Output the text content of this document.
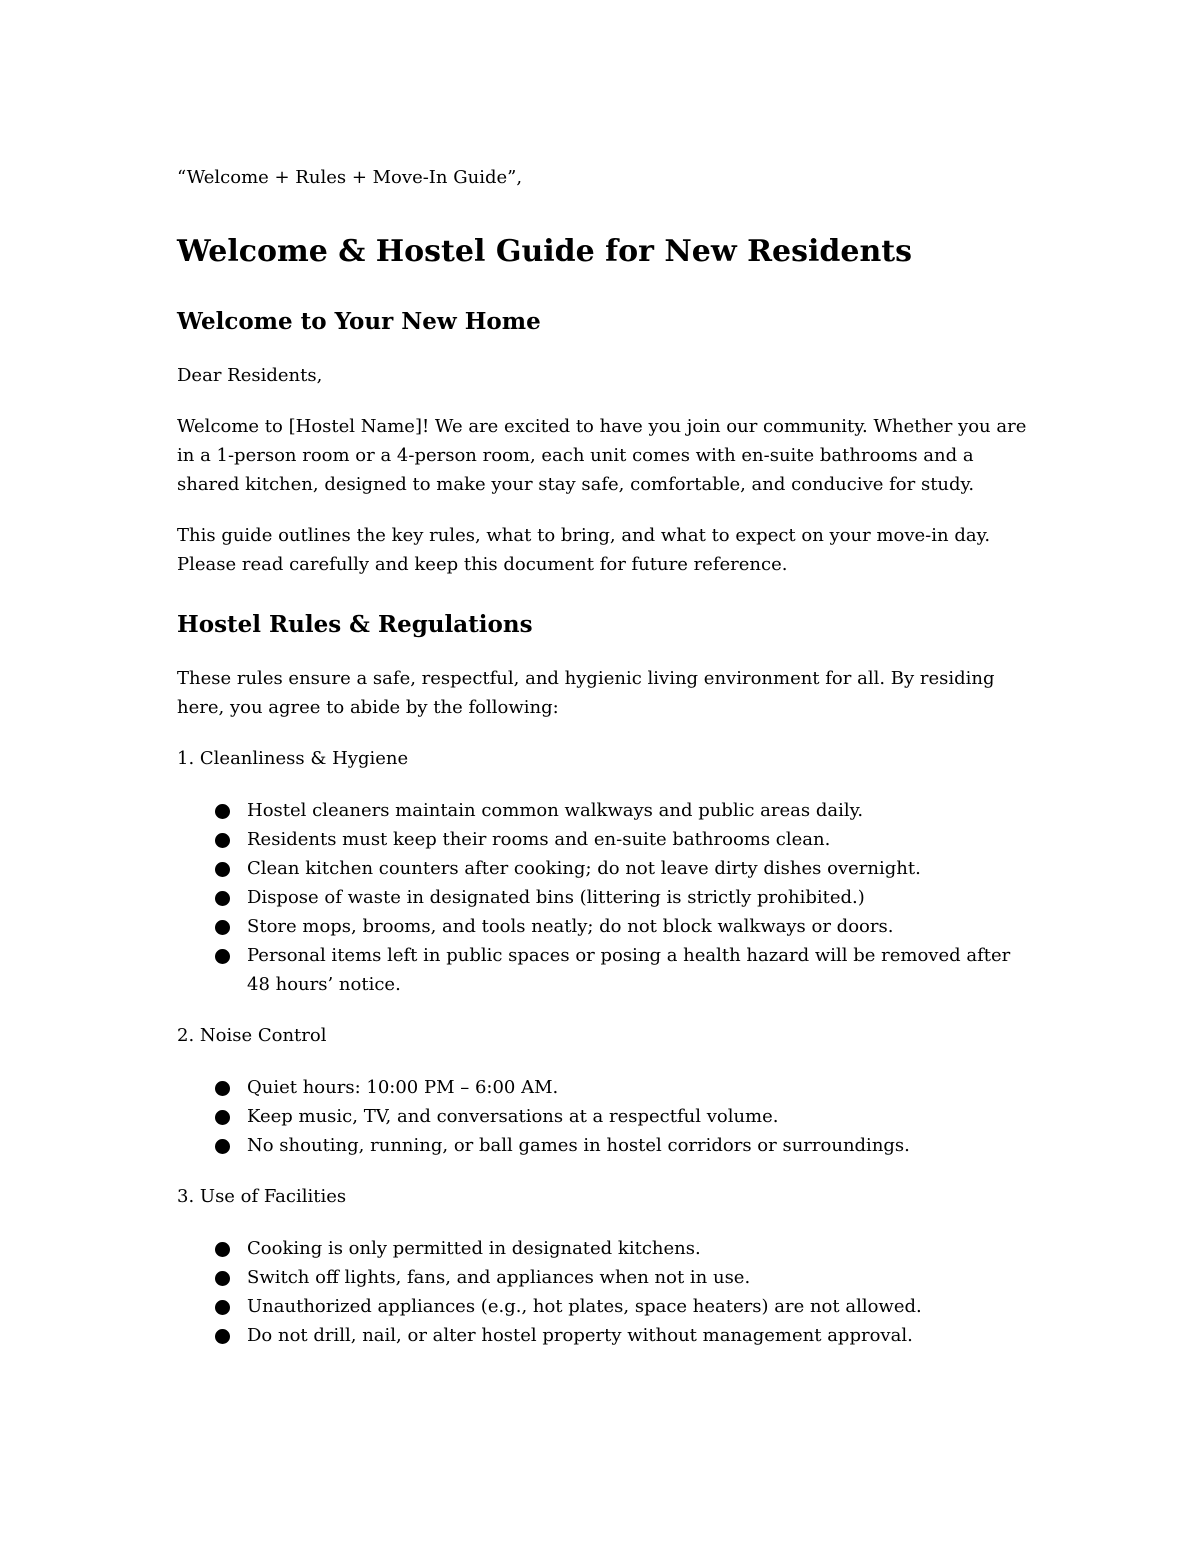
“Welcome + Rules + Move-In Guide”,
Welcome & Hostel Guide for New Residents
Welcome to Your New Home

Dear Residents,

Welcome to [Hostel Name]! We are excited to have you join our community. Whether you are in a 1-person room or a 4-person room, each unit comes with en-suite bathrooms and a shared kitchen, designed to make your stay safe, comfortable, and conducive for study.

This guide outlines the key rules, what to bring, and what to expect on your move-in day. Please read carefully and keep this document for future reference.

Hostel Rules & Regulations

These rules ensure a safe, respectful, and hygienic living environment for all. By residing here, you agree to abide by the following:

1. Cleanliness & Hygiene
Hostel cleaners maintain common walkways and public areas daily.
Residents must keep their rooms and en-suite bathrooms clean.
Clean kitchen counters after cooking; do not leave dirty dishes overnight.
Dispose of waste in designated bins (littering is strictly prohibited.)
Store mops, brooms, and tools neatly; do not block walkways or doors.
Personal items left in public spaces or posing a health hazard will be removed after 48 hours’ notice.
2. Noise Control
Quiet hours: 10:00 PM – 6:00 AM.
Keep music, TV, and conversations at a respectful volume.
No shouting, running, or ball games in hostel corridors or surroundings.
3. Use of Facilities
Cooking is only permitted in designated kitchens.
Switch off lights, fans, and appliances when not in use.
Unauthorized appliances (e.g., hot plates, space heaters) are not allowed.
Do not drill, nail, or alter hostel property without management approval.
